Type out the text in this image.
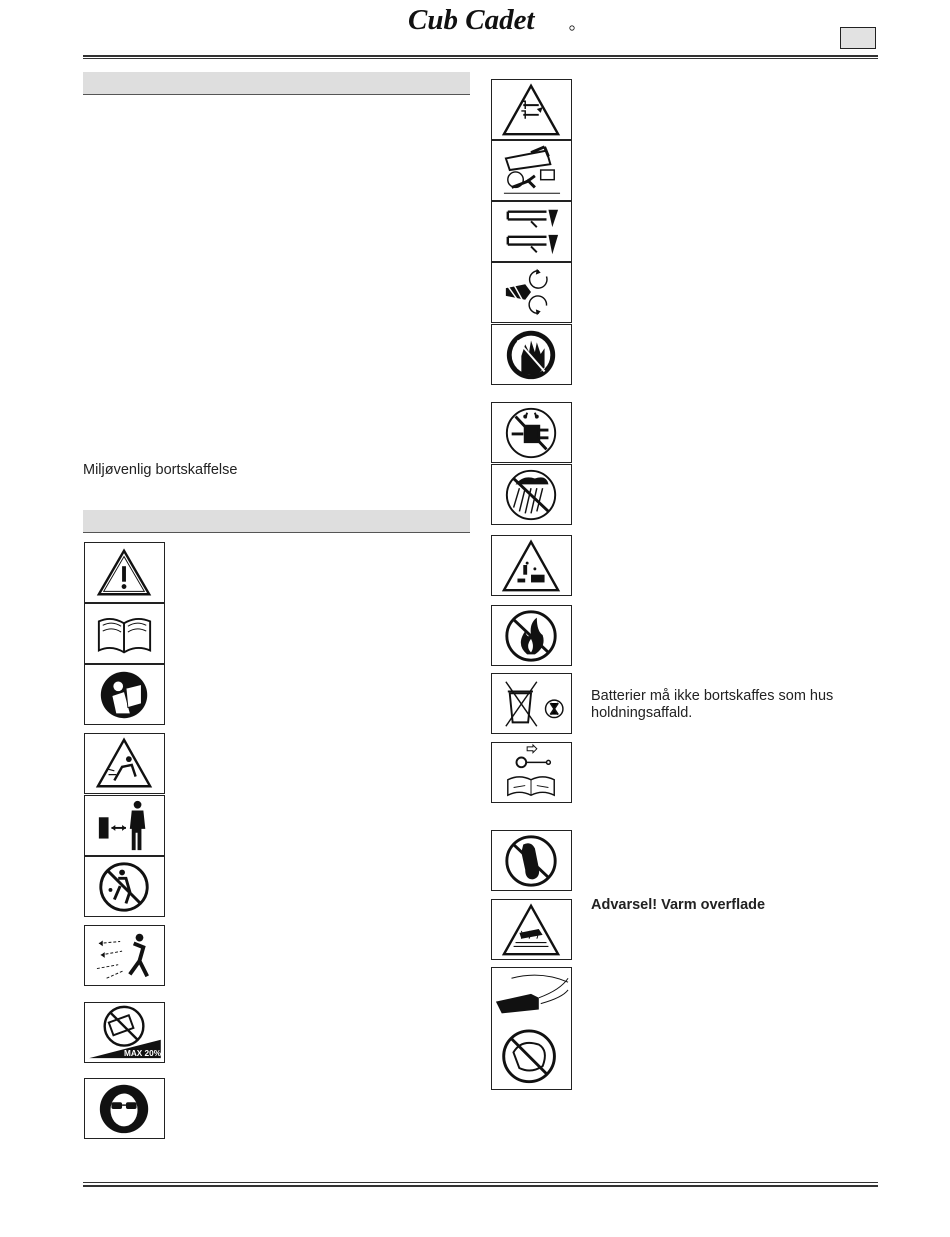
Cub Cadet
Miljøvenlig bortskaffelse
MAX 20%
Batterier må ikke bortskaffes som hus holdningsaffald.
Advarsel! Varm overflade
